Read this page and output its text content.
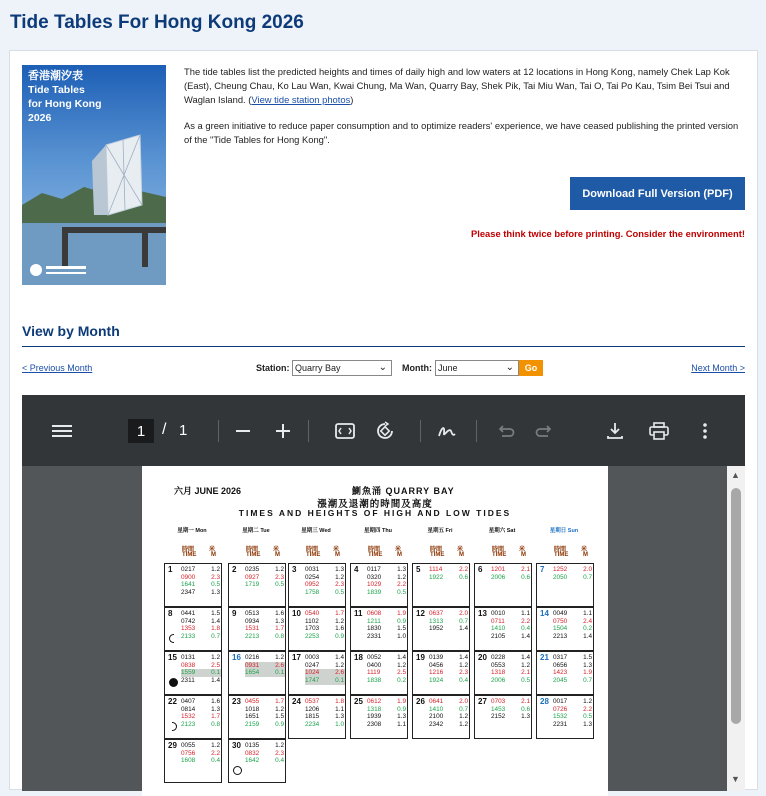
Tide Tables For Hong Kong 2026
香港潮汐表
Tide Tables
for Hong Kong
2026

The tide tables list the predicted heights and times of daily high and low waters at 12 locations in Hong Kong, namely Chek Lap Kok (East), Cheung Chau, Ko Lau Wan, Kwai Chung, Ma Wan, Quarry Bay, Shek Pik, Tai Miu Wan, Tai O, Tai Po Kau, Tsim Bei Tsui and Waglan Island. (View tide station photos)

As a green initiative to reduce paper consumption and to optimize readers' experience, we have ceased publishing the printed version of the "Tide Tables for Hong Kong".

Download Full Version (PDF)
Please think twice before printing. Consider the environment!
View by Month
< Previous Month	Station: Quarry Bay	⌄ Month: June	⌄	Go	Next Month >
1	/ 1
六月 JUNE 2026	鰂魚涌 QUARRY BAY
漲潮及退潮的時間及高度
TIMES AND HEIGHTS OF HIGH AND LOW TIDES
星期一 Mon	星期二 Tue	星期三 Wed	星期四 Thu	星期五 Fri	星期六 Sat	星期日 Sun
時間 米
TIME M
時間 米
TIME M
時間 米
TIME M
時間 米
TIME M
時間 米
TIME M
時間 米
TIME M
時間 米
TIME M
1 0217 1.2
0900 2.3
1641 0.5
2347 1.3
2 0235 1.2
0927 2.3
1719 0.5
3 0031 1.3
0254 1.2
0952 2.3
1758 0.5
4 0117	1.3
0320 1.2
1029 2.2
1839 0.5
5 1114	2.2
1922 0.6
6 1201 2.1
2006 0.6
7 1252 2.0
2050 0.7
8 0441 1.5
0742 1.4
1353 1.8
2133 0.7
9 0513 1.6
0934 1.3
1531 1.7
2213 0.8
10 0540 1.7
1102	1.2
1703 1.6
2253 0.9
11 0608 1.9
1211	0.9
1830 1.5
2331 1.0
12 0637 2.0
1313 0.7
1952 1.4
13 0010 1.1
0711	2.2
1410 0.4
2105 1.4
14 0049 1.1
0750 2.4
1504 0.2
2213 1.4
15 0131 1.2
0838 2.5
1559 0.1
2311	1.4
16 0216 1.2
0931 2.6
1654 0.1
17 0003 1.4
0247 1.2
1024 2.6
1747 0.1
18 0052 1.4
0400 1.2
1119	2.5
1838 0.2
19 0139 1.4
0456 1.2
1216 2.3
1924 0.4
20 0228 1.4
0553 1.2
1318 2.1
2006 0.5
21 0317 1.5
0656 1.3
1423 1.9
2045 0.7
22 0407 1.6
0814 1.3
1532 1.7
2123 0.8
23 0455 1.7
1018 1.2
1651 1.5
2159 0.9
24 0537 1.8
1206 1.1
1815 1.3
2234 1.0
25 0612 1.9
1318 0.9
1939 1.3
2308 1.1
26 0641 2.0
1410 0.7
2100 1.2
2342 1.2
27 0703 2.1
1453 0.6
2152 1.3
28 0017 1.2
0726 2.2
1532 0.5
2231 1.3
29 0055 1.2
0756 2.2
1608 0.4
30 0135 1.2
0832 2.3
1642 0.4
▲
▼
